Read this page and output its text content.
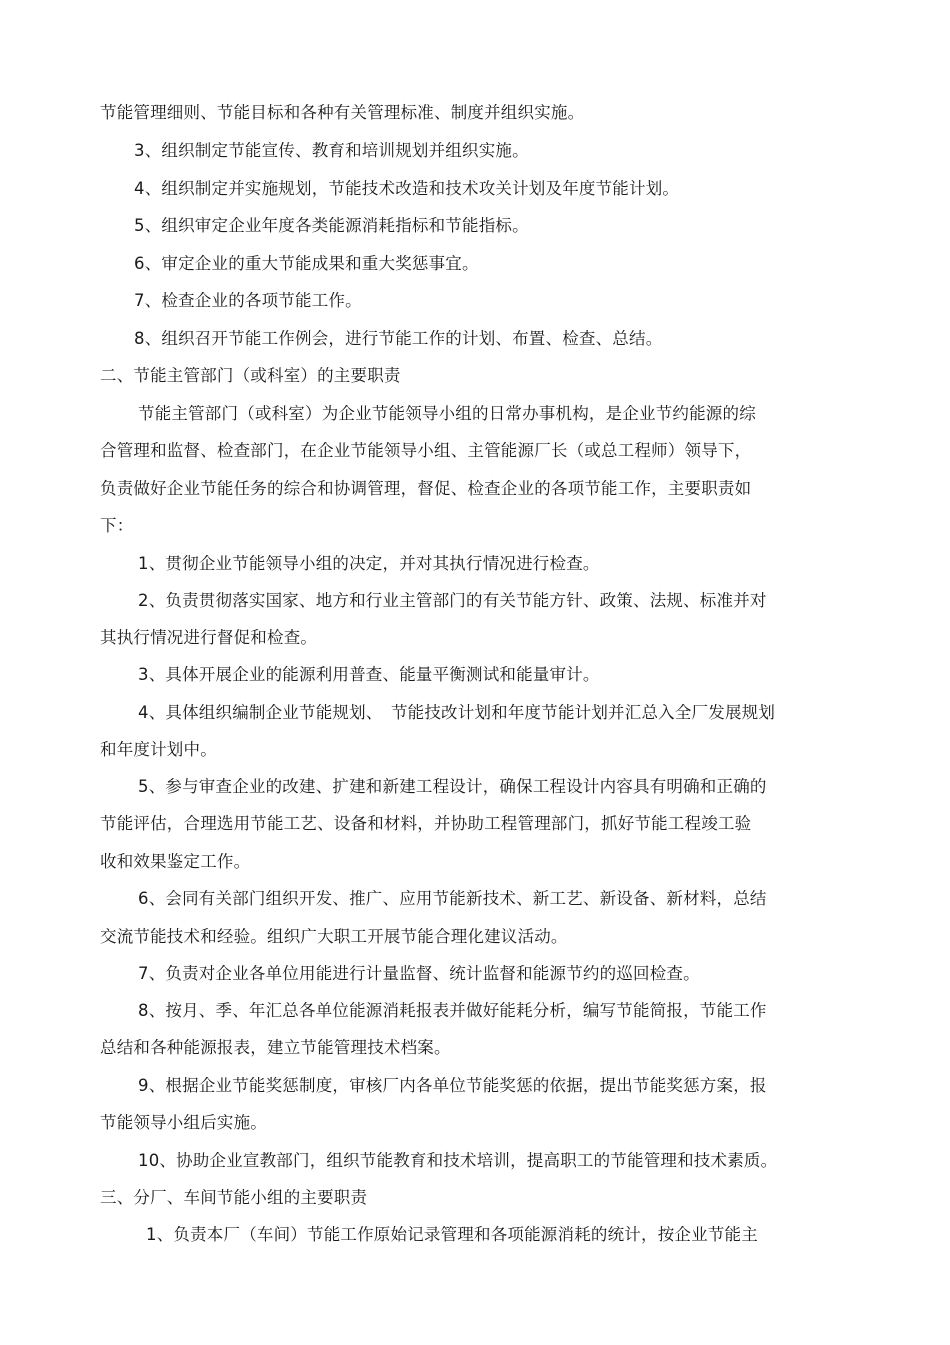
节能管理细则、节能目标和各种有关管理标准、制度并组织实施。
3、组织制定节能宣传、教育和培训规划并组织实施。
4、组织制定并实施规划，节能技术改造和技术攻关计划及年度节能计划。
5、组织审定企业年度各类能源消耗指标和节能指标。
6、审定企业的重大节能成果和重大奖惩事宜。
7、检查企业的各项节能工作。
8、组织召开节能工作例会，进行节能工作的计划、布置、检查、总结。
二、节能主管部门（或科室）的主要职责
节能主管部门（或科室）为企业节能领导小组的日常办事机构，是企业节约能源的综
合管理和监督、检查部门，在企业节能领导小组、主管能源厂长（或总工程师）领导下，
负责做好企业节能任务的综合和协调管理，督促、检查企业的各项节能工作，主要职责如
下：
1、贯彻企业节能领导小组的决定，并对其执行情况进行检查。
2、负责贯彻落实国家、地方和行业主管部门的有关节能方针、政策、法规、标准并对
其执行情况进行督促和检查。
3、具体开展企业的能源利用普查、能量平衡测试和能量审计。
4、具体组织编制企业节能规划、　节能技改计划和年度节能计划并汇总入全厂发展规划
和年度计划中。
5、参与审查企业的改建、扩建和新建工程设计，确保工程设计内容具有明确和正确的
节能评估，合理选用节能工艺、设备和材料，并协助工程管理部门，抓好节能工程竣工验
收和效果鉴定工作。
6、会同有关部门组织开发、推广、应用节能新技术、新工艺、新设备、新材料，总结
交流节能技术和经验。组织广大职工开展节能合理化建议活动。
7、负责对企业各单位用能进行计量监督、统计监督和能源节约的巡回检查。
8、按月、季、年汇总各单位能源消耗报表并做好能耗分析，编写节能简报，节能工作
总结和各种能源报表，建立节能管理技术档案。
9、根据企业节能奖惩制度，审核厂内各单位节能奖惩的依据，提出节能奖惩方案，报
节能领导小组后实施。
10、协助企业宣教部门，组织节能教育和技术培训，提高职工的节能管理和技术素质。
三、分厂、车间节能小组的主要职责
1、负责本厂（车间）节能工作原始记录管理和各项能源消耗的统计，按企业节能主
